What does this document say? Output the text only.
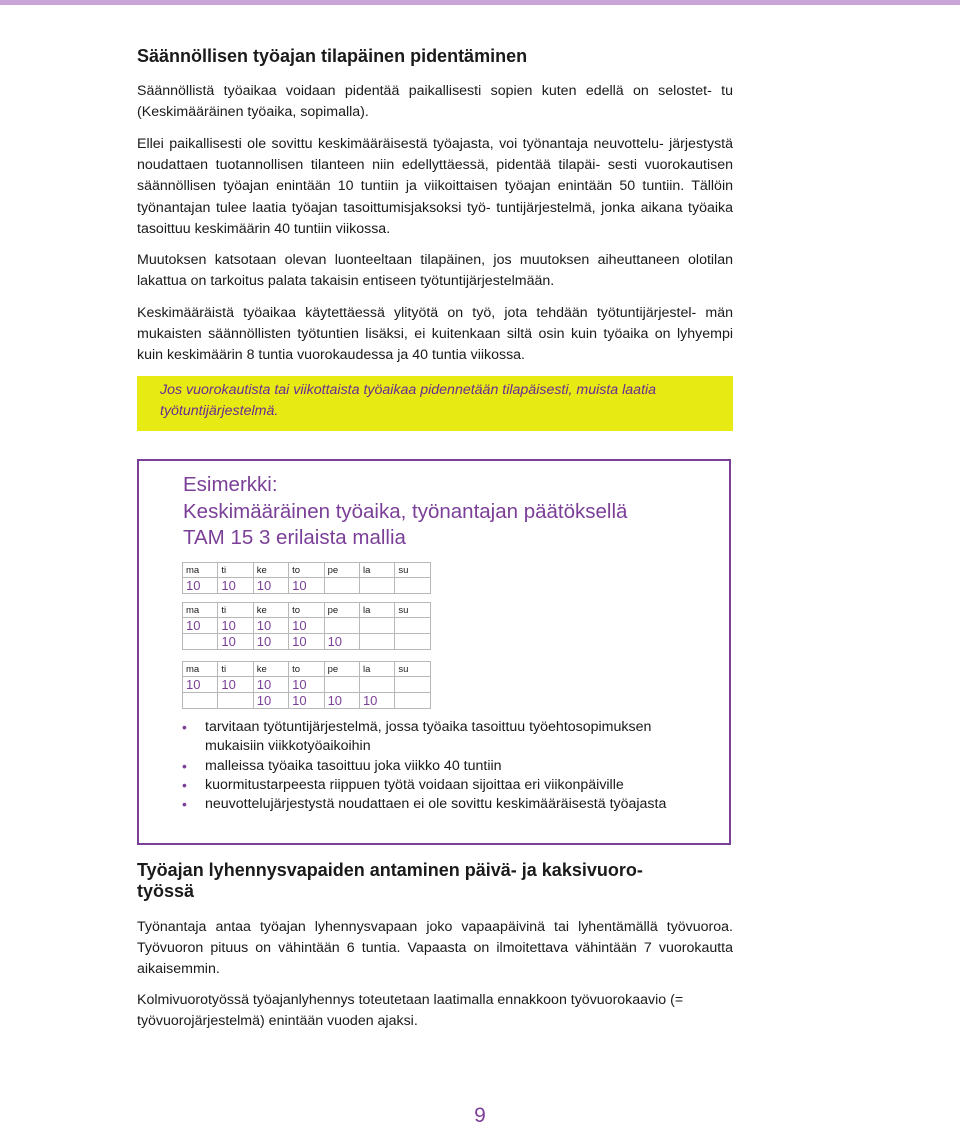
Säännöllisen työajan tilapäinen pidentäminen

Säännöllistä työaikaa voidaan pidentää paikallisesti sopien kuten edellä on selostet- tu (Keskimääräinen työaika, sopimalla).

Ellei paikallisesti ole sovittu keskimääräisestä työajasta, voi työnantaja neuvottelu- järjestystä noudattaen tuotannollisen tilanteen niin edellyttäessä, pidentää tilapäi- sesti vuorokautisen säännöllisen työajan enintään 10 tuntiin ja viikoittaisen työajan enintään 50 tuntiin. Tällöin työnantajan tulee laatia työajan tasoittumisjaksoksi työ- tuntijärjestelmä, jonka aikana työaika tasoittuu keskimäärin 40 tuntiin viikossa.

Muutoksen katsotaan olevan luonteeltaan tilapäinen, jos muutoksen aiheuttaneen olotilan lakattua on tarkoitus palata takaisin entiseen työtuntijärjestelmään.

Keskimääräistä työaikaa käytettäessä ylityötä on työ, jota tehdään työtuntijärjestel- män mukaisten säännöllisten työtuntien lisäksi, ei kuitenkaan siltä osin kuin työaika on lyhyempi kuin keskimäärin 8 tuntia vuorokaudessa ja 40 tuntia viikossa.

Jos vuorokautista tai viikottaista työaikaa pidennetään tilapäisesti, muista laatia työtuntijärjestelmä.

Esimerkki:
Keskimääräinen työaika, työnantajan päätöksellä
TAM 15 3 erilaista mallia
ma	ti	ke	to	pe	la	su
10	10	10	10			
ma	ti	ke	to	pe	la	su
10	10	10	10			
	10	10	10	10		
ma	ti	ke	to	pe	la	su
10	10	10	10			
		10	10	10	10	
• tarvitaan työtuntijärjestelmä, jossa työaika tasoittuu työehtosopimuksen mukaisiin viikkotyöaikoihin
• malleissa työaika tasoittuu joka viikko 40 tuntiin
• kuormitustarpeesta riippuen työtä voidaan sijoittaa eri viikonpäiville
• neuvottelujärjestystä noudattaen ei ole sovittu keskimääräisestä työajasta
Työajan lyhennysvapaiden antaminen päivä- ja kaksivuoro- työssä

Työnantaja antaa työajan lyhennysvapaan joko vapaapäivinä tai lyhentämällä työvuoroa. Työvuoron pituus on vähintään 6 tuntia. Vapaasta on ilmoitettava vähintään 7 vuorokautta aikaisemmin.

Kolmivuorotyössä työajanlyhennys toteutetaan laatimalla ennakkoon työvuorokaavio (= työvuorojärjestelmä) enintään vuoden ajaksi.

9
